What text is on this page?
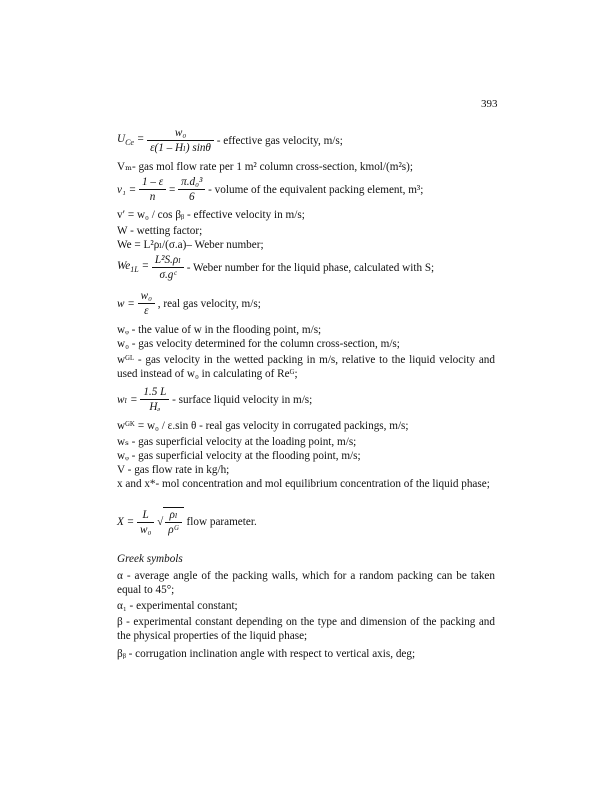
393
$U_{Ce} = \frac{\text{w₀}}{\text{ε(1 – Hₗ) sinθ}}$ - effective gas velocity, m/s;
Vₘ- gas mol flow rate per 1 m² column cross-section, kmol/(m²s);
$v_1 = \frac{1 - \varepsilon}{n} = \frac{\text{π.d₀³}}{6}$ - volume of the equivalent packing element, m³;
v′ = w₀ / cos βᵦ - effective velocity in m/s;
W - wetting factor;
We = L²ρₗ/(σ.a)– Weber number;
$We_{1L} = \frac{\text{L²S.ρₗ}}{\text{σ.gᶜ}}$ - Weber number for the liquid phase, calculated with S;
$w = \frac{\text{w₀}}{\varepsilon}$ , real gas velocity, m/s;
wᵩ - the value of w in the flooding point, m/s;
w₀ - gas velocity determined for the column cross-section, m/s;
wᴳᴸ - gas velocity in the wetted packing in m/s, relative to the liquid velocity and used instead of w₀ in calculating of Reᴳ;
$w_l = \frac{1.5 L}{\text{Hₔ}}$ - surface liquid velocity in m/s;
wᴳᴷ = w₀ / ε.sin θ - real gas velocity in corrugated packings, m/s;
wₛ - gas superficial velocity at the loading point, m/s;
wᵩ - gas superficial velocity at the flooding point, m/s;
V - gas flow rate in kg/h;
x and x*- mol concentration and mol equilibrium concentration of the liquid phase;
$X = \frac{L}{\text{w₀}}$ √ $\frac{\text{ρₗ}}{\text{ρᴳ}}$ flow parameter.
Greek symbols
α - average angle of the packing walls, which for a random packing can be taken equal to 45°;
α₁ - experimental constant;
β - experimental constant depending on the type and dimension of the packing and the physical properties of the liquid phase;
βᵦ - corrugation inclination angle with respect to vertical axis, deg;
